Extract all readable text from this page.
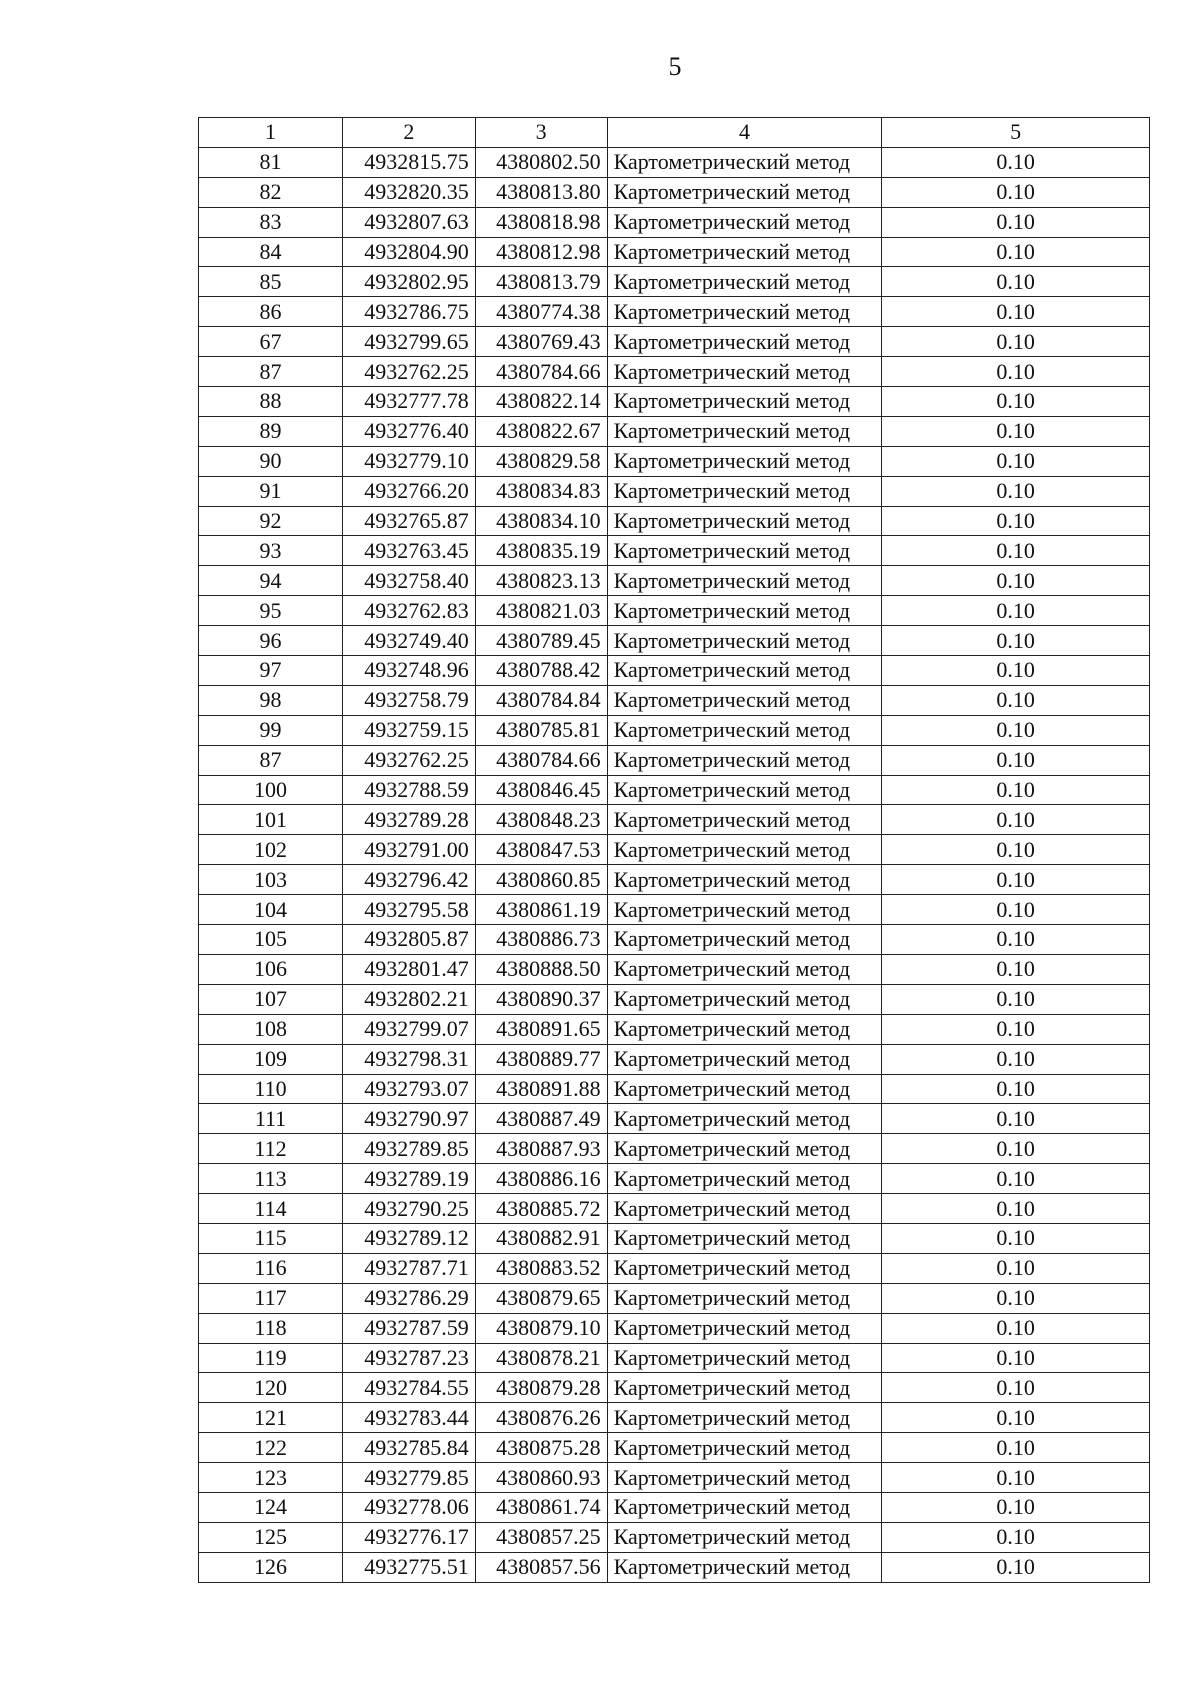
5
1	2	3	4	5
81	4932815.75	4380802.50	Картометрический метод	0.10
82	4932820.35	4380813.80	Картометрический метод	0.10
83	4932807.63	4380818.98	Картометрический метод	0.10
84	4932804.90	4380812.98	Картометрический метод	0.10
85	4932802.95	4380813.79	Картометрический метод	0.10
86	4932786.75	4380774.38	Картометрический метод	0.10
67	4932799.65	4380769.43	Картометрический метод	0.10
87	4932762.25	4380784.66	Картометрический метод	0.10
88	4932777.78	4380822.14	Картометрический метод	0.10
89	4932776.40	4380822.67	Картометрический метод	0.10
90	4932779.10	4380829.58	Картометрический метод	0.10
91	4932766.20	4380834.83	Картометрический метод	0.10
92	4932765.87	4380834.10	Картометрический метод	0.10
93	4932763.45	4380835.19	Картометрический метод	0.10
94	4932758.40	4380823.13	Картометрический метод	0.10
95	4932762.83	4380821.03	Картометрический метод	0.10
96	4932749.40	4380789.45	Картометрический метод	0.10
97	4932748.96	4380788.42	Картометрический метод	0.10
98	4932758.79	4380784.84	Картометрический метод	0.10
99	4932759.15	4380785.81	Картометрический метод	0.10
87	4932762.25	4380784.66	Картометрический метод	0.10
100	4932788.59	4380846.45	Картометрический метод	0.10
101	4932789.28	4380848.23	Картометрический метод	0.10
102	4932791.00	4380847.53	Картометрический метод	0.10
103	4932796.42	4380860.85	Картометрический метод	0.10
104	4932795.58	4380861.19	Картометрический метод	0.10
105	4932805.87	4380886.73	Картометрический метод	0.10
106	4932801.47	4380888.50	Картометрический метод	0.10
107	4932802.21	4380890.37	Картометрический метод	0.10
108	4932799.07	4380891.65	Картометрический метод	0.10
109	4932798.31	4380889.77	Картометрический метод	0.10
110	4932793.07	4380891.88	Картометрический метод	0.10
111	4932790.97	4380887.49	Картометрический метод	0.10
112	4932789.85	4380887.93	Картометрический метод	0.10
113	4932789.19	4380886.16	Картометрический метод	0.10
114	4932790.25	4380885.72	Картометрический метод	0.10
115	4932789.12	4380882.91	Картометрический метод	0.10
116	4932787.71	4380883.52	Картометрический метод	0.10
117	4932786.29	4380879.65	Картометрический метод	0.10
118	4932787.59	4380879.10	Картометрический метод	0.10
119	4932787.23	4380878.21	Картометрический метод	0.10
120	4932784.55	4380879.28	Картометрический метод	0.10
121	4932783.44	4380876.26	Картометрический метод	0.10
122	4932785.84	4380875.28	Картометрический метод	0.10
123	4932779.85	4380860.93	Картометрический метод	0.10
124	4932778.06	4380861.74	Картометрический метод	0.10
125	4932776.17	4380857.25	Картометрический метод	0.10
126	4932775.51	4380857.56	Картометрический метод	0.10
